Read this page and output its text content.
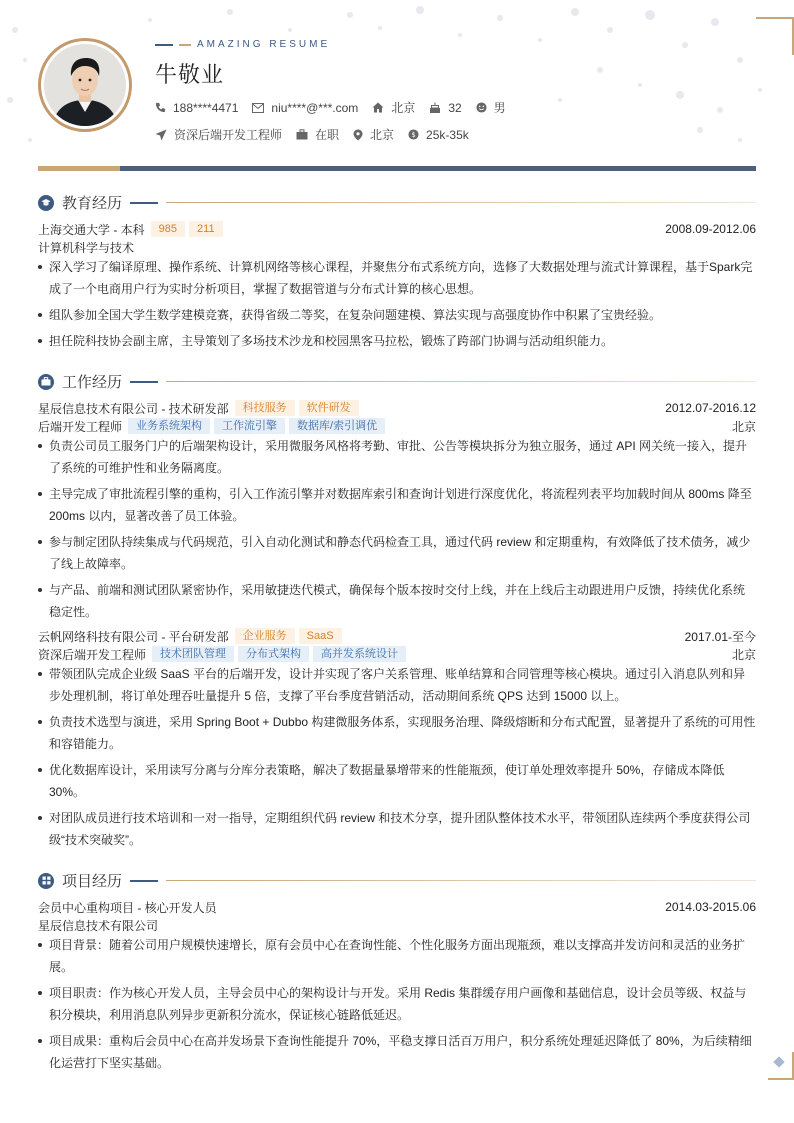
AMAZING RESUME
牛敬业
188****4471	niu****@***.com	北京	32	男
资深后端开发工程师	在职	北京 $ 25k-35k
教育经历
上海交通大学 - 本科	985	211	2008.09-2012.06
计算机科学与技术
深入学习了编译原理、操作系统、计算机网络等核心课程，并聚焦分布式系统方向，选修了大数据处理与流式计算课程，基于Spark完成了一个电商用户行为实时分析项目，掌握了数据管道与分布式计算的核心思想。
组队参加全国大学生数学建模竞赛，获得省级二等奖，在复杂问题建模、算法实现与高强度协作中积累了宝贵经验。
担任院科技协会副主席，主导策划了多场技术沙龙和校园黑客马拉松，锻炼了跨部门协调与活动组织能力。
工作经历
星辰信息技术有限公司 - 技术研发部	科技服务	软件研发	2012.07-2016.12
后端开发工程师	业务系统架构	工作流引擎	数据库/索引调优	北京
负责公司员工服务门户的后端架构设计，采用微服务风格将考勤、审批、公告等模块拆分为独立服务，通过 API 网关统一接入，提升了系统的可维护性和业务隔离度。
主导完成了审批流程引擎的重构，引入工作流引擎并对数据库索引和查询计划进行深度优化，将流程列表平均加载时间从 800ms 降至 200ms 以内，显著改善了员工体验。
参与制定团队持续集成与代码规范，引入自动化测试和静态代码检查工具，通过代码 review 和定期重构，有效降低了技术债务，减少了线上故障率。
与产品、前端和测试团队紧密协作，采用敏捷迭代模式，确保每个版本按时交付上线，并在上线后主动跟进用户反馈，持续优化系统稳定性。
云帆网络科技有限公司 - 平台研发部	企业服务	SaaS	2017.01-至今
资深后端开发工程师	技术团队管理	分布式架构	高并发系统设计	北京
带领团队完成企业级 SaaS 平台的后端开发，设计并实现了客户关系管理、账单结算和合同管理等核心模块。通过引入消息队列和异步处理机制，将订单处理吞吐量提升 5 倍，支撑了平台季度营销活动，活动期间系统 QPS 达到 15000 以上。
负责技术选型与演进，采用 Spring Boot + Dubbo 构建微服务体系，实现服务治理、降级熔断和分布式配置，显著提升了系统的可用性和容错能力。
优化数据库设计，采用读写分离与分库分表策略，解决了数据量暴增带来的性能瓶颈，使订单处理效率提升 50%，存储成本降低 30%。
对团队成员进行技术培训和一对一指导，定期组织代码 review 和技术分享，提升团队整体技术水平，带领团队连续两个季度获得公司级“技术突破奖”。
项目经历
会员中心重构项目 - 核心开发人员	2014.03-2015.06
星辰信息技术有限公司
项目背景：随着公司用户规模快速增长，原有会员中心在查询性能、个性化服务方面出现瓶颈，难以支撑高并发访问和灵活的业务扩展。
项目职责：作为核心开发人员，主导会员中心的架构设计与开发。采用 Redis 集群缓存用户画像和基础信息，设计会员等级、权益与积分模块，利用消息队列异步更新积分流水，保证核心链路低延迟。
项目成果：重构后会员中心在高并发场景下查询性能提升 70%，平稳支撑日活百万用户，积分系统处理延迟降低了 80%，为后续精细化运营打下坚实基础。
